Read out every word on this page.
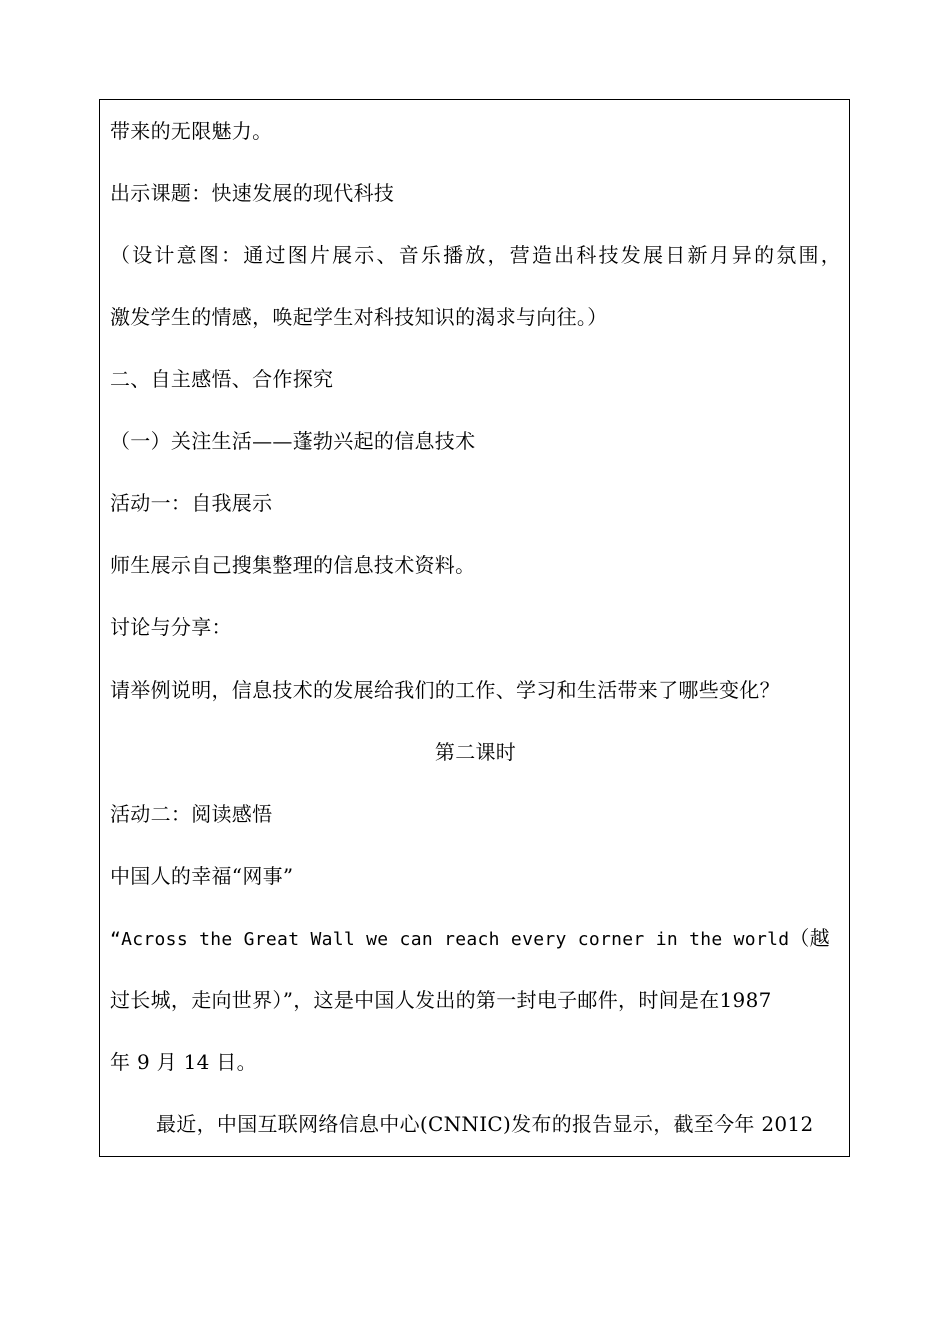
带来的无限魅力。
出示课题：快速发展的现代科技
（设计意图：通过图片展示、音乐播放，营造出科技发展日新月异的氛围，
激发学生的情感，唤起学生对科技知识的渴求与向往。）
二、自主感悟、合作探究
（一）关注生活——蓬勃兴起的信息技术
活动一：自我展示
师生展示自己搜集整理的信息技术资料。
讨论与分享：
请举例说明，信息技术的发展给我们的工作、学习和生活带来了哪些变化？
第二课时
活动二：阅读感悟
中国人的幸福“网事”
“Across the Great Wall we can reach every corner in the world（越
过长城，走向世界）”，这是中国人发出的第一封电子邮件，时间是在1987
年 9 月 14 日。
最近，中国互联网络信息中心(CNNIC)发布的报告显示，截至今年 2012
